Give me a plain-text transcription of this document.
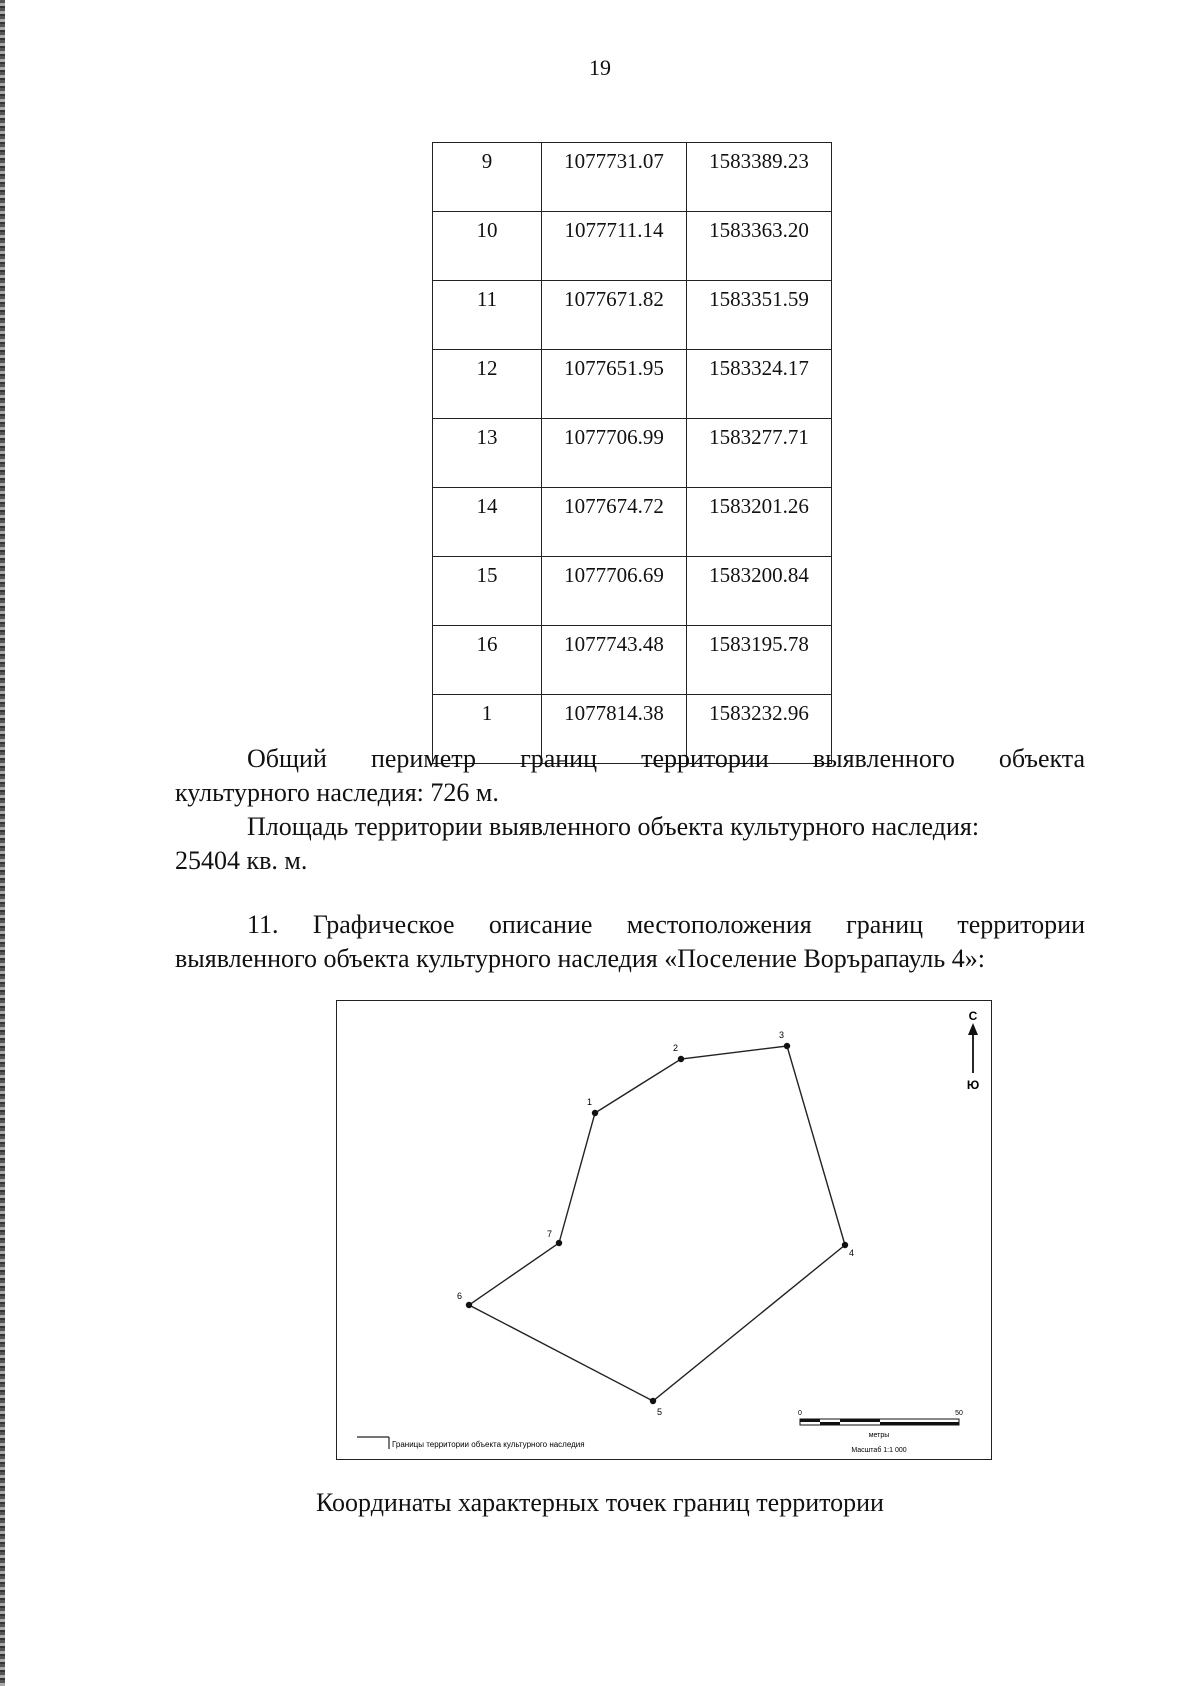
19
9	1077731.07	1583389.23
10	1077711.14	1583363.20
11	1077671.82	1583351.59
12	1077651.95	1583324.17
13	1077706.99	1583277.71
14	1077674.72	1583201.26
15	1077706.69	1583200.84
16	1077743.48	1583195.78
1	1077814.38	1583232.96

Общий периметр границ территории выявленного объекта
культурного наследия: 726 м.

Площадь территории выявленного объекта культурного наследия:
25404 кв. м.

11. Графическое описание местоположения границ территории
выявленного объекта культурного наследия «Поселение Ворърапауль 4»:

1
2
3
4
5
6
7
С
Ю
Границы территории объекта культурного наследия
0	50
метры
Масштаб 1:1 000
Координаты характерных точек границ территории
